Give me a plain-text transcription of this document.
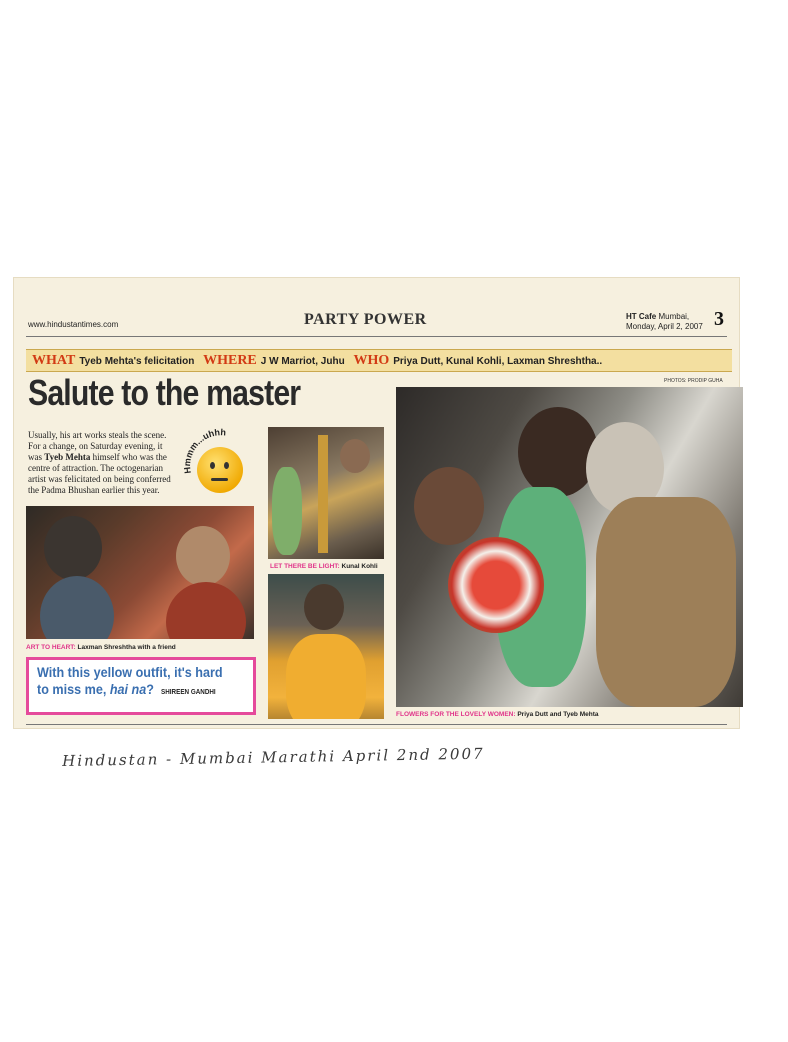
www.hindustantimes.com	PARTY POWER	HT Cafe Mumbai,
Monday, April 2, 2007 3
WHAT Tyeb Mehta's felicitation WHERE J W Marriot, Juhu WHO Priya Dutt, Kunal Kohli, Laxman Shreshtha..
PHOTOS: PRODIP GUHA
Salute to the master
Usually, his art works steals the scene. For a change, on Saturday evening, it was Tyeb Mehta himself who was the centre of attraction. The octogenarian artist was felicitated on being conferred the Padma Bhushan earlier this year.
Hmmm...uhhh
ART TO HEART: Laxman Shreshtha with a friend
LET THERE BE LIGHT: Kunal Kohli
FLOWERS FOR THE LOVELY WOMEN: Priya Dutt and Tyeb Mehta
With this yellow outfit, it's hard to miss me, hai na? SHIREEN GANDHI
Hindustan - Mumbai Marathi April 2nd 2007
